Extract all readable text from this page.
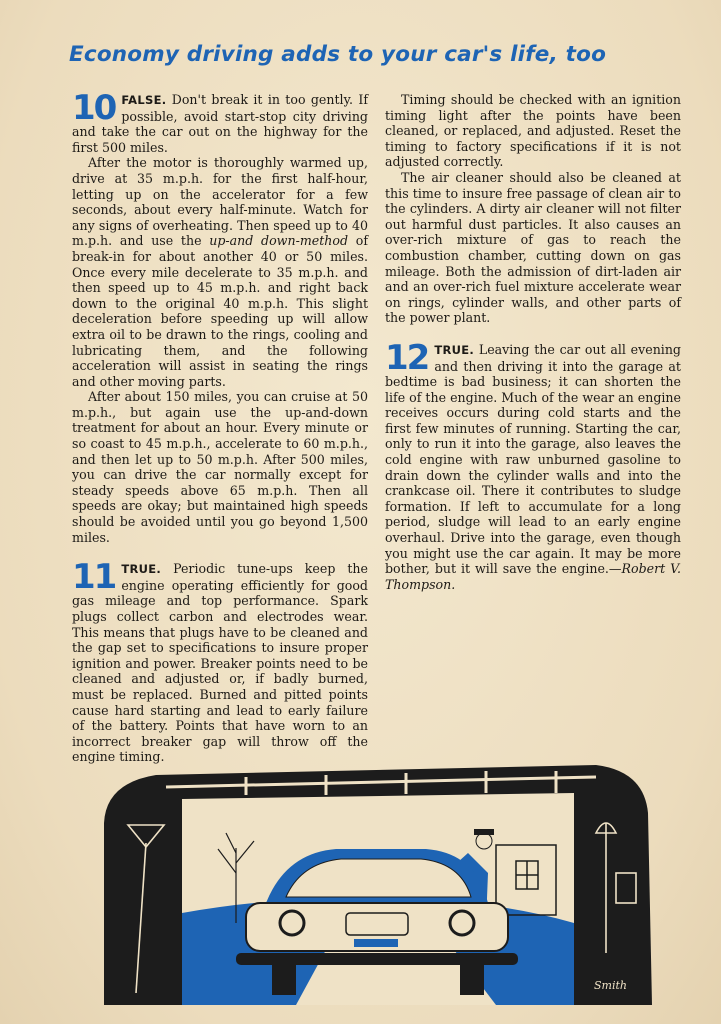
Economy driving adds to your car's life, too

10 FALSE. Don't break it in too gently. If possible, avoid start-stop city driving and take the car out on the highway for the first 500 miles.

After the motor is thoroughly warmed up, drive at 35 m.p.h. for the first half-hour, letting up on the accelerator for a few seconds, about every half-minute. Watch for any signs of overheating. Then speed up to 40 m.p.h. and use the up-and down-method of break-in for about another 40 or 50 miles. Once every mile decelerate to 35 m.p.h. and then speed up to 45 m.p.h. and right back down to the original 40 m.p.h. This slight deceleration before speeding up will allow extra oil to be drawn to the rings, cooling and lubricating them, and the following acceleration will assist in seating the rings and other moving parts.

After about 150 miles, you can cruise at 50 m.p.h., but again use the up-and-down treatment for about an hour. Every minute or so coast to 45 m.p.h., accelerate to 60 m.p.h., and then let up to 50 m.p.h. After 500 miles, you can drive the car normally except for steady speeds above 65 m.p.h. Then all speeds are okay; but maintained high speeds should be avoided until you go beyond 1,500 miles.

11 TRUE. Periodic tune-ups keep the engine operating efficiently for good gas mileage and top performance. Spark plugs collect carbon and electrodes wear. This means that plugs have to be cleaned and the gap set to specifications to insure proper ignition and power. Breaker points need to be cleaned and adjusted or, if badly burned, must be replaced. Burned and pitted points cause hard starting and lead to early failure of the battery. Points that have worn to an incorrect breaker gap will throw off the engine timing.

Timing should be checked with an ignition timing light after the points have been cleaned, or replaced, and adjusted. Reset the timing to factory specifications if it is not adjusted correctly.

The air cleaner should also be cleaned at this time to insure free passage of clean air to the cylinders. A dirty air cleaner will not filter out harmful dust particles. It also causes an over-rich mixture of gas to reach the combustion chamber, cutting down on gas mileage. Both the admission of dirt-laden air and an over-rich fuel mixture accelerate wear on rings, cylinder walls, and other parts of the power plant.

12 TRUE. Leaving the car out all evening and then driving it into the garage at bedtime is bad business; it can shorten the life of the engine. Much of the wear an engine receives occurs during cold starts and the first few minutes of running. Starting the car, only to run it into the garage, also leaves the cold engine with raw unburned gasoline to drain down the cylinder walls and into the crankcase oil. There it contributes to sludge formation. If left to accumulate for a long period, sludge will lead to an early engine overhaul. Drive into the garage, even though you might use the car again. It may be more bother, but it will save the engine.—Robert V. Thompson.

Smith
